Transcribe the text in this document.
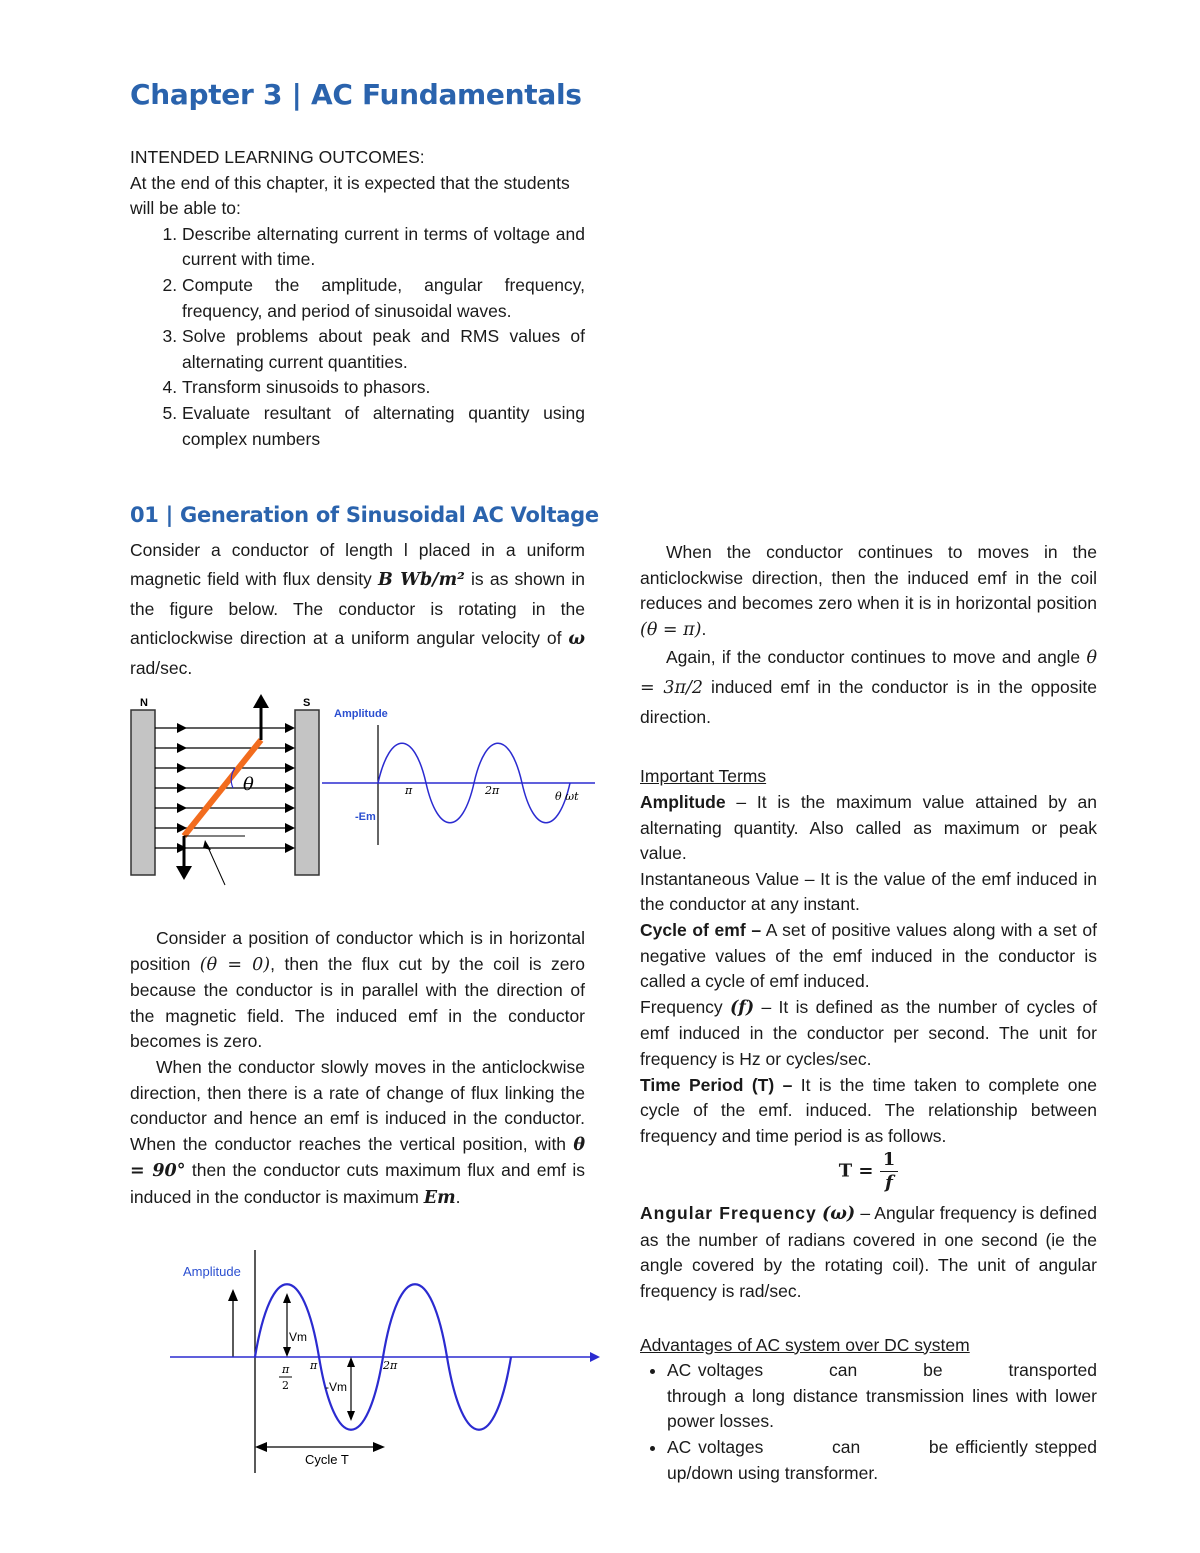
Chapter 3 | AC Fundamentals

INTENDED LEARNING OUTCOMES:

At the end of this chapter, it is expected that the students will be able to:

1. Describe alternating current in terms of voltage and current with time.
2. Compute the amplitude, angular frequency, frequency, and period of sinusoidal waves.
3. Solve problems about peak and RMS values of alternating current quantities.
4. Transform sinusoids to phasors.
5. Evaluate resultant of alternating quantity using complex numbers
01 | Generation of Sinusoidal AC Voltage

Consider a conductor of length l placed in a uniform magnetic field with flux density B Wb/m² is as shown in the figure below. The conductor is rotating in the anticlockwise direction at a uniform angular velocity of ω rad/sec.

N	S
θ
Amplitude
π	2π	θ ωt
-Em

Consider a position of conductor which is in horizontal position (θ = 0), then the flux cut by the coil is zero because the conductor is in parallel with the direction of the magnetic field. The induced emf in the conductor becomes is zero.

When the conductor slowly moves in the anticlockwise direction, then there is a rate of change of flux linking the conductor and hence an emf is induced in the conductor. When the conductor reaches the vertical position, with θ = 90° then the conductor cuts maximum flux and emf is induced in the conductor is maximum Em.

Amplitude
Vm
-Vm
π
2
π	2π
Cycle T

When the conductor continues to moves in the anticlockwise direction, then the induced emf in the coil reduces and becomes zero when it is in horizontal position (θ = π).

Again, if the conductor continues to move and angle θ = 3π/2 induced emf in the conductor is in the opposite direction.

Important Terms

Amplitude – It is the maximum value attained by an alternating quantity. Also called as maximum or peak value.

Instantaneous Value – It is the value of the emf induced in the conductor at any instant.

Cycle of emf – A set of positive values along with a set of negative values of the emf induced in the conductor is called a cycle of emf induced.

Frequency (f) – It is defined as the number of cycles of emf induced in the conductor per second. The unit for frequency is Hz or cycles/sec.

Time Period (T) – It is the time taken to complete one cycle of the emf. induced. The relationship between frequency and time period is as follows.

$T = \frac{1}{f}$

Angular Frequency (ω) – Angular frequency is defined as the number of radians covered in one second (ie the angle covered by the rotating coil). The unit of angular frequency is rad/sec.

Advantages of AC system over DC system

• AC voltages          can          be          transported through a long distance transmission lines with lower power losses.
• AC voltages          can          be efficiently stepped up/down using transformer.
